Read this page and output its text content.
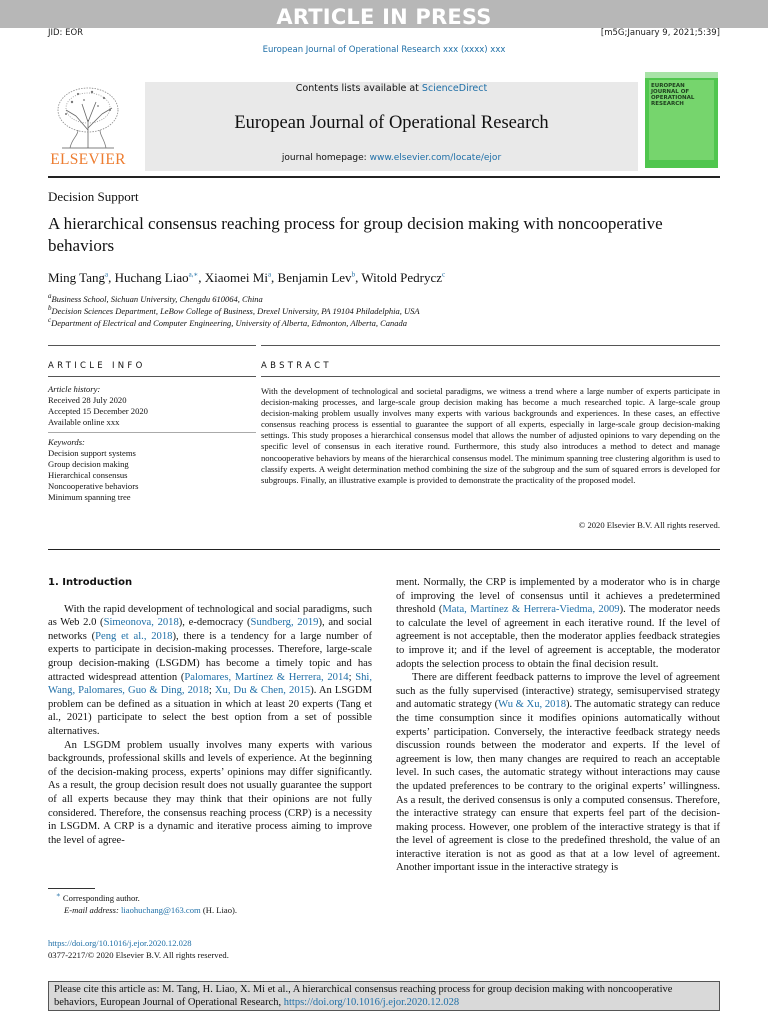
ARTICLE IN PRESS
JID: EOR	[m5G;January 9, 2021;5:39]
European Journal of Operational Research xxx (xxxx) xxx
Contents lists available at ScienceDirect
European Journal of Operational Research
journal homepage: www.elsevier.com/locate/ejor
ELSEVIER
EUROPEAN JOURNAL OF OPERATIONAL RESEARCH
Decision Support
A hierarchical consensus reaching process for group decision making with noncooperative behaviors
Ming Tang$^a$, Huchang Liao$^{a,∗}$, Xiaomei Mi$^a$, Benjamin Lev$^b$, Witold Pedrycz$^c$
$^a$Business School, Sichuan University, Chengdu 610064, China
$^b$Decision Sciences Department, LeBow College of Business, Drexel University, PA 19104 Philadelphia, USA
$^c$Department of Electrical and Computer Engineering, University of Alberta, Edmonton, Alberta, Canada
ARTICLE INFO	ABSTRACT
Article history:
Received 28 July 2020
Accepted 15 December 2020
Available online xxx
Keywords:
Decision support systems
Group decision making
Hierarchical consensus
Noncooperative behaviors
Minimum spanning tree
With the development of technological and societal paradigms, we witness a trend where a large number of experts participate in decision-making processes, and large-scale group decision making has become a much researched topic. A large-scale group decision-making problem usually involves many experts with various backgrounds and experiences. In these cases, an effective consensus reaching process is essential to guarantee the support of all experts, especially in large-scale group decision-making settings. This study proposes a hierarchical consensus model that allows the number of adjusted opinions to vary depending on the specific level of consensus in each iterative round. Furthermore, this study also introduces a method to detect and manage noncooperative behaviors by means of the hierarchical consensus model. The minimum spanning tree clustering algorithm is used to classify experts. A weight determination method combining the size of the subgroup and the sum of squared errors is developed for subgroups. Finally, an illustrative example is provided to demonstrate the practicality of the proposed model.
© 2020 Elsevier B.V. All rights reserved.
1. Introduction

With the rapid development of technological and social paradigms, such as Web 2.0 (Simeonova, 2018), e-democracy (Sundberg, 2019), and social networks (Peng et al., 2018), there is a tendency for a large number of experts to participate in decision-making processes. Therefore, large-scale group decision-making (LSGDM) has become a timely topic and has attracted widespread attention (Palomares, Martínez & Herrera, 2014; Shi, Wang, Palomares, Guo & Ding, 2018; Xu, Du & Chen, 2015). An LSGDM problem can be defined as a situation in which at least 20 experts (Tang et al., 2021) participate to select the best option from a set of possible alternatives.

An LSGDM problem usually involves many experts with various backgrounds, professional skills and levels of experience. At the beginning of the decision-making process, experts’ opinions may differ significantly. As a result, the group decision result does not usually guarantee the support of all experts because they may think that their opinions are not fully considered. Therefore, the consensus reaching process (CRP) is a necessity in LSGDM. A CRP is a dynamic and iterative process aiming to improve the level of agree-

ment. Normally, the CRP is implemented by a moderator who is in charge of improving the level of consensus until it achieves a predetermined threshold (Mata, Martínez & Herrera-Viedma, 2009). The moderator needs to calculate the level of agreement in each iterative round. If the level of agreement is not acceptable, then the moderator applies feedback strategies to improve it; and if the level of agreement is acceptable, the moderator adopts the selection process to obtain the final decision result.

There are different feedback patterns to improve the level of agreement such as the fully supervised (interactive) strategy, semisupervised strategy and automatic strategy (Wu & Xu, 2018). The automatic strategy can reduce the time consumption since it modifies opinions automatically without experts’ participation. Conversely, the interactive feedback strategy needs discussion rounds between the moderator and experts. If the level of agreement is low, then many changes are required to reach an acceptable level. In such cases, the automatic strategy without interactions may cause the updated preferences to be contrary to the original experts’ willingness. As a result, the derived consensus is only a computed consensus. Therefore, the interactive strategy can ensure that experts feel part of the decision-making process. However, one problem of the interactive strategy is that if the level of agreement is close to the predefined threshold, the value of an interactive iteration is not as good as that at a low level of agreement. Another important issue in the interactive strategy is

∗ Corresponding author.
E-mail address: liaohuchang@163.com (H. Liao).
https://doi.org/10.1016/j.ejor.2020.12.028
0377-2217/© 2020 Elsevier B.V. All rights reserved.
Please cite this article as: M. Tang, H. Liao, X. Mi et al., A hierarchical consensus reaching process for group decision making with noncooperative behaviors, European Journal of Operational Research, https://doi.org/10.1016/j.ejor.2020.12.028
